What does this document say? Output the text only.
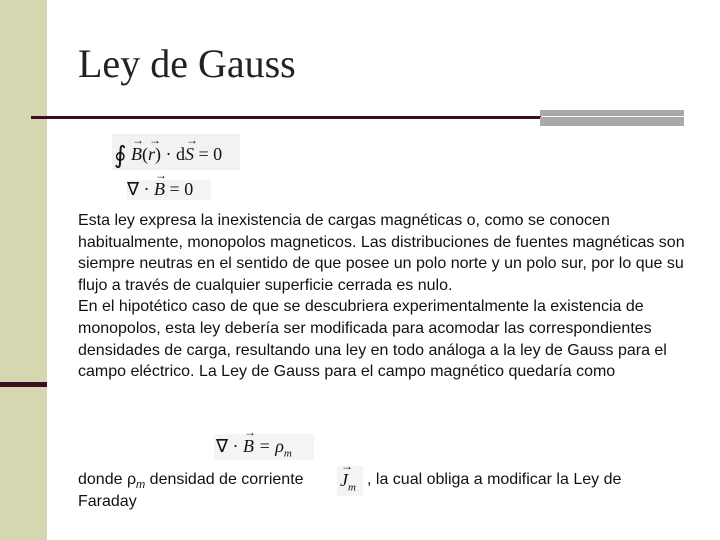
Ley de Gauss
∮ → B(→ r) · d→ S = 0
∇ · → B = 0

Esta ley expresa la inexistencia de cargas magnéticas o, como se conocen habitualmente, monopolos magneticos. Las distribuciones de fuentes magnéticas son siempre neutras en el sentido de que posee un polo norte y un polo sur, por lo que su flujo a través de cualquier superficie cerrada es nulo.

En el hipotético caso de que se descubriera experimentalmente la existencia de monopolos, esta ley debería ser modificada para acomodar las correspondientes densidades de carga, resultando una ley en todo análoga a la ley de Gauss para el campo eléctrico. La Ley de Gauss para el campo magnético quedaría como

∇ · → $B = \rho_m$
donde $\rho_m$ densidad de corriente → $J_m$ , la cual obliga a modificar la Ley de
Faraday
